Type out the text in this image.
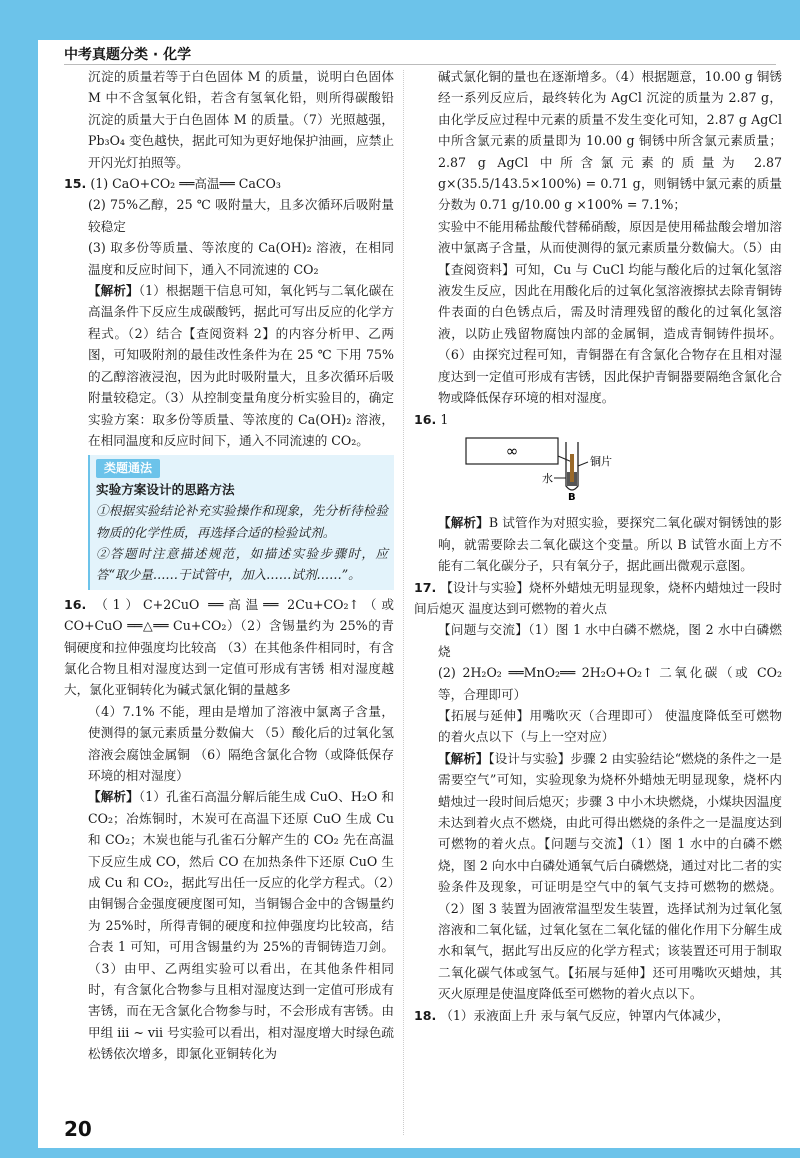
中考真题分类 · 化学

沉淀的质量若等于白色固体 M 的质量，说明白色固体 M 中不含氢氧化铅，若含有氢氧化铅，则所得碳酸铅沉淀的质量大于白色固体 M 的质量。（7）光照越强，Pb₃O₄ 变色越快，据此可知为更好地保护油画，应禁止开闪光灯拍照等。

15. (1) CaO+CO₂ ══高温══ CaCO₃

(2) 75%乙醇，25 ℃ 吸附量大，且多次循环后吸附量较稳定

(3) 取多份等质量、等浓度的 Ca(OH)₂ 溶液，在相同温度和反应时间下，通入不同流速的 CO₂

【解析】（1）根据题干信息可知，氧化钙与二氧化碳在高温条件下反应生成碳酸钙，据此可写出反应的化学方程式。（2）结合【查阅资料 2】的内容分析甲、乙两图，可知吸附剂的最佳改性条件为在 25 ℃ 下用 75%的乙醇溶液浸泡，因为此时吸附量大，且多次循环后吸附量较稳定。（3）从控制变量角度分析实验目的，确定实验方案：取多份等质量、等浓度的 Ca(OH)₂ 溶液，在相同温度和反应时间下，通入不同流速的 CO₂。

类题通法

实验方案设计的思路方法

①根据实验结论补充实验操作和现象，先分析待检验物质的化学性质，再选择合适的检验试剂。

②答题时注意描述规范，如描述实验步骤时，应答“取少量……于试管中，加入……试剂……”。

16. （1）C+2CuO ══高温══ 2Cu+CO₂↑（或 CO+CuO ══△══ Cu+CO₂）（2）含锡量约为 25%的青铜硬度和拉伸强度均比较高 （3）在其他条件相同时，有含氯化合物且相对湿度达到一定值可形成有害锈 相对湿度越大，氯化亚铜转化为碱式氯化铜的量越多

（4）7.1% 不能，理由是增加了溶液中氯离子含量，使测得的氯元素质量分数偏大 （5）酸化后的过氧化氢溶液会腐蚀金属铜 （6）隔绝含氯化合物（或降低保存环境的相对湿度）

【解析】（1）孔雀石高温分解后能生成 CuO、H₂O 和 CO₂；冶炼铜时，木炭可在高温下还原 CuO 生成 Cu 和 CO₂；木炭也能与孔雀石分解产生的 CO₂ 先在高温下反应生成 CO，然后 CO 在加热条件下还原 CuO 生成 Cu 和 CO₂，据此写出任一反应的化学方程式。（2）由铜锡合金强度硬度图可知，当铜锡合金中的含锡量约为 25%时，所得青铜的硬度和拉伸强度均比较高，结合表 1 可知，可用含锡量约为 25%的青铜铸造刀剑。（3）由甲、乙两组实验可以看出，在其他条件相同时，有含氯化合物参与且相对湿度达到一定值可形成有害锈，而在无含氯化合物参与时，不会形成有害锈。由甲组 iii ~ vii 号实验可以看出，相对湿度增大时绿色疏松锈依次增多，即氯化亚铜转化为

碱式氯化铜的量也在逐渐增多。（4）根据题意，10.00 g 铜锈经一系列反应后，最终转化为 AgCl 沉淀的质量为 2.87 g，由化学反应过程中元素的质量不发生变化可知，2.87 g AgCl 中所含氯元素的质量即为 10.00 g 铜锈中所含氯元素质量；2.87 g AgCl 中所含氯元素的质量为 2.87 g×(35.5/143.5×100%) = 0.71 g，则铜锈中氯元素的质量分数为 0.71 g/10.00 g ×100% = 7.1%；

实验中不能用稀盐酸代替稀硝酸，原因是使用稀盐酸会增加溶液中氯离子含量，从而使测得的氯元素质量分数偏大。（5）由【查阅资料】可知，Cu 与 CuCl 均能与酸化后的过氧化氢溶液发生反应，因此在用酸化后的过氧化氢溶液擦拭去除青铜铸件表面的白色锈点后，需及时清理残留的酸化的过氧化氢溶液，以防止残留物腐蚀内部的金属铜，造成青铜铸件损坏。（6）由探究过程可知，青铜器在有含氯化合物存在且相对湿度达到一定值可形成有害锈，因此保护青铜器要隔绝含氯化合物或降低保存环境的相对湿度。

16. 1

∞
铜片
水
B

【解析】B 试管作为对照实验，要探究二氧化碳对铜锈蚀的影响，就需要除去二氧化碳这个变量。所以 B 试管水面上方不能有二氧化碳分子，只有氧分子，据此画出微观示意图。

17. 【设计与实验】烧杯外蜡烛无明显现象，烧杯内蜡烛过一段时间后熄灭 温度达到可燃物的着火点

【问题与交流】（1）图 1 水中白磷不燃烧，图 2 水中白磷燃烧

(2) 2H₂O₂ ══MnO₂══ 2H₂O+O₂↑ 二氧化碳（或 CO₂ 等，合理即可）

【拓展与延伸】用嘴吹灭（合理即可） 使温度降低至可燃物的着火点以下（与上一空对应）

【解析】【设计与实验】步骤 2 由实验结论“燃烧的条件之一是需要空气”可知，实验现象为烧杯外蜡烛无明显现象，烧杯内蜡烛过一段时间后熄灭；步骤 3 中小木块燃烧，小煤块因温度未达到着火点不燃烧，由此可得出燃烧的条件之一是温度达到可燃物的着火点。【问题与交流】（1）图 1 水中的白磷不燃烧，图 2 向水中白磷处通氧气后白磷燃烧，通过对比二者的实验条件及现象，可证明是空气中的氧气支持可燃物的燃烧。（2）图 3 装置为固液常温型发生装置，选择试剂为过氧化氢溶液和二氧化锰，过氧化氢在二氧化锰的催化作用下分解生成水和氧气，据此写出反应的化学方程式；该装置还可用于制取二氧化碳气体或氢气。【拓展与延伸】还可用嘴吹灭蜡烛，其灭火原理是使温度降低至可燃物的着火点以下。

18. （1）汞液面上升 汞与氧气反应，钟罩内气体减少，

20
